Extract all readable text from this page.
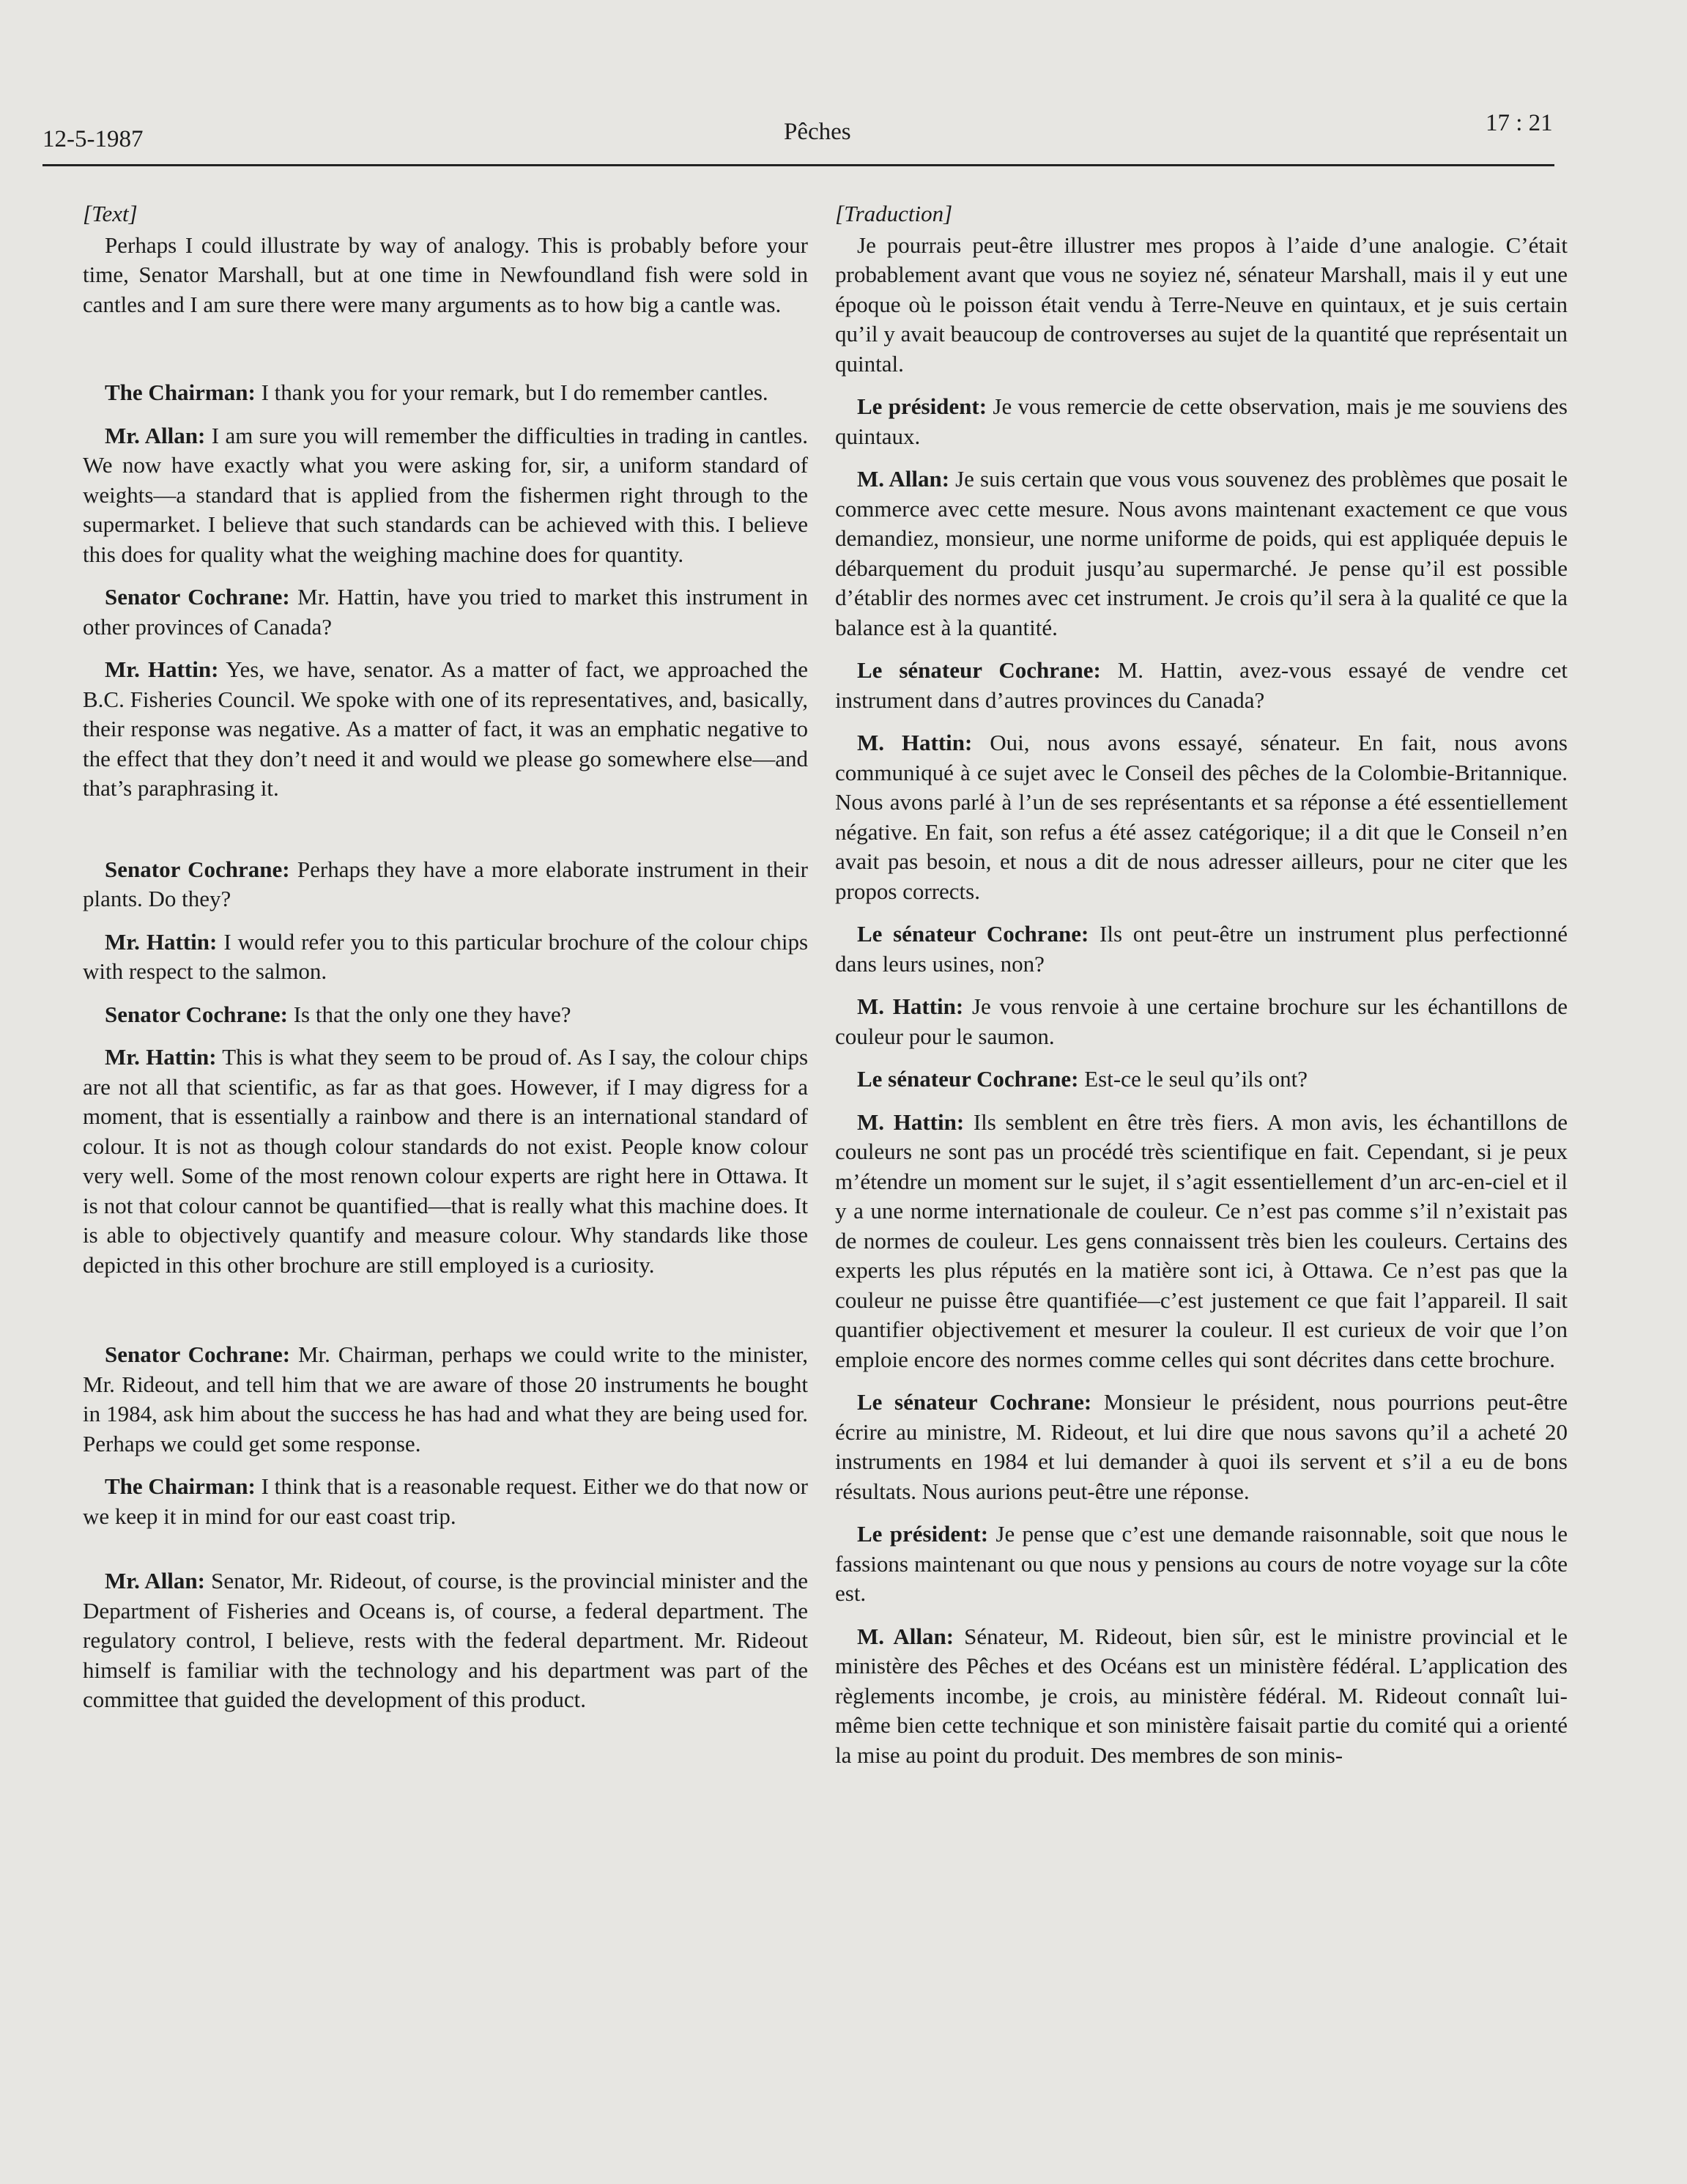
12-5-1987	Pêches	17 : 21
[Text]

Perhaps I could illustrate by way of analogy. This is probably before your time, Senator Marshall, but at one time in Newfoundland fish were sold in cantles and I am sure there were many arguments as to how big a cantle was.

The Chairman: I thank you for your remark, but I do remember cantles.

Mr. Allan: I am sure you will remember the difficulties in trading in cantles. We now have exactly what you were asking for, sir, a uniform standard of weights—a standard that is applied from the fishermen right through to the supermarket. I believe that such standards can be achieved with this. I believe this does for quality what the weighing machine does for quantity.

Senator Cochrane: Mr. Hattin, have you tried to market this instrument in other provinces of Canada?

Mr. Hattin: Yes, we have, senator. As a matter of fact, we approached the B.C. Fisheries Council. We spoke with one of its representatives, and, basically, their response was negative. As a matter of fact, it was an emphatic negative to the effect that they don’t need it and would we please go somewhere else—and that’s paraphrasing it.

Senator Cochrane: Perhaps they have a more elaborate instrument in their plants. Do they?

Mr. Hattin: I would refer you to this particular brochure of the colour chips with respect to the salmon.

Senator Cochrane: Is that the only one they have?

Mr. Hattin: This is what they seem to be proud of. As I say, the colour chips are not all that scientific, as far as that goes. However, if I may digress for a moment, that is essentially a rainbow and there is an international standard of colour. It is not as though colour standards do not exist. People know colour very well. Some of the most renown colour experts are right here in Ottawa. It is not that colour cannot be quantified—that is really what this machine does. It is able to objectively quantify and measure colour. Why standards like those depicted in this other brochure are still employed is a curiosity.

Senator Cochrane: Mr. Chairman, perhaps we could write to the minister, Mr. Rideout, and tell him that we are aware of those 20 instruments he bought in 1984, ask him about the success he has had and what they are being used for. Perhaps we could get some response.

The Chairman: I think that is a reasonable request. Either we do that now or we keep it in mind for our east coast trip.

Mr. Allan: Senator, Mr. Rideout, of course, is the provincial minister and the Department of Fisheries and Oceans is, of course, a federal department. The regulatory control, I believe, rests with the federal department. Mr. Rideout himself is familiar with the technology and his department was part of the committee that guided the development of this product.

[Traduction]

Je pourrais peut-être illustrer mes propos à l’aide d’une analogie. C’était probablement avant que vous ne soyiez né, sénateur Marshall, mais il y eut une époque où le poisson était vendu à Terre-Neuve en quintaux, et je suis certain qu’il y avait beaucoup de controverses au sujet de la quantité que représentait un quintal.

Le président: Je vous remercie de cette observation, mais je me souviens des quintaux.

M. Allan: Je suis certain que vous vous souvenez des problèmes que posait le commerce avec cette mesure. Nous avons maintenant exactement ce que vous demandiez, monsieur, une norme uniforme de poids, qui est appliquée depuis le débarquement du produit jusqu’au supermarché. Je pense qu’il est possible d’établir des normes avec cet instrument. Je crois qu’il sera à la qualité ce que la balance est à la quantité.

Le sénateur Cochrane: M. Hattin, avez-vous essayé de vendre cet instrument dans d’autres provinces du Canada?

M. Hattin: Oui, nous avons essayé, sénateur. En fait, nous avons communiqué à ce sujet avec le Conseil des pêches de la Colombie-Britannique. Nous avons parlé à l’un de ses représentants et sa réponse a été essentiellement négative. En fait, son refus a été assez catégorique; il a dit que le Conseil n’en avait pas besoin, et nous a dit de nous adresser ailleurs, pour ne citer que les propos corrects.

Le sénateur Cochrane: Ils ont peut-être un instrument plus perfectionné dans leurs usines, non?

M. Hattin: Je vous renvoie à une certaine brochure sur les échantillons de couleur pour le saumon.

Le sénateur Cochrane: Est-ce le seul qu’ils ont?

M. Hattin: Ils semblent en être très fiers. A mon avis, les échantillons de couleurs ne sont pas un procédé très scientifique en fait. Cependant, si je peux m’étendre un moment sur le sujet, il s’agit essentiellement d’un arc-en-ciel et il y a une norme internationale de couleur. Ce n’est pas comme s’il n’existait pas de normes de couleur. Les gens connaissent très bien les couleurs. Certains des experts les plus réputés en la matière sont ici, à Ottawa. Ce n’est pas que la couleur ne puisse être quantifiée—c’est justement ce que fait l’appareil. Il sait quantifier objectivement et mesurer la couleur. Il est curieux de voir que l’on emploie encore des normes comme celles qui sont décrites dans cette brochure.

Le sénateur Cochrane: Monsieur le président, nous pourrions peut-être écrire au ministre, M. Rideout, et lui dire que nous savons qu’il a acheté 20 instruments en 1984 et lui demander à quoi ils servent et s’il a eu de bons résultats. Nous aurions peut-être une réponse.

Le président: Je pense que c’est une demande raisonnable, soit que nous le fassions maintenant ou que nous y pensions au cours de notre voyage sur la côte est.

M. Allan: Sénateur, M. Rideout, bien sûr, est le ministre provincial et le ministère des Pêches et des Océans est un ministère fédéral. L’application des règlements incombe, je crois, au ministère fédéral. M. Rideout connaît lui-même bien cette technique et son ministère faisait partie du comité qui a orienté la mise au point du produit. Des membres de son minis-
